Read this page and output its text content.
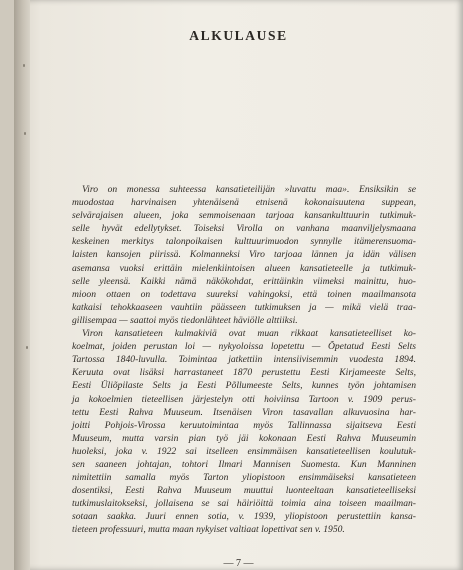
ALKULAUSE
Viro on monessa suhteessa kansatieteilijän »luvattu maa». Ensiksikin se
muodostaa harvinaisen yhtenäisenä etnisenä kokonaisuutena suppean,
selvärajaisen alueen, joka semmoisenaan tarjoaa kansankulttuurin tutkimuk-
selle hyvät edellytykset. Toiseksi Virolla on vanhana maanviljelysmaana
keskeinen merkitys talonpoikaisen kulttuurimuodon synnylle itämerensuoma-
laisten kansojen piirissä. Kolmanneksi Viro tarjoaa lännen ja idän välisen
asemansa vuoksi erittäin mielenkiintoisen alueen kansatieteelle ja tutkimuk-
selle yleensä. Kaikki nämä näkökohdat, erittäinkin viimeksi mainittu, huo-
mioon ottaen on todettava suureksi vahingoksi, että toinen maailmansota
katkaisi tehokkaaseen vauhtiin päässeen tutkimuksen ja — mikä vielä traa-
gillisempaa — saattoi myös tiedonlähteet häviölle alttiiksi.
Viron kansatieteen kulmakiviä ovat muan rikkaat kansatieteelliset ko-
koelmat, joiden perustan loi — nykyoloissa lopetettu — Õpetatud Eesti Selts
Tartossa 1840-luvulla. Toimintaa jatkettiin intensiivisemmin vuodesta 1894.
Keruuta ovat lisäksi harrastaneet 1870 perustettu Eesti Kirjameeste Selts,
Eesti Üliõpilaste Selts ja Eesti Põllumeeste Selts, kunnes työn johtamisen
ja kokoelmien tieteellisen järjestelyn otti hoiviinsa Tartoon v. 1909 perus-
tettu Eesti Rahva Muuseum. Itsenäisen Viron tasavallan alkuvuosina har-
joitti Pohjois-Virossa keruutoimintaa myös Tallinnassa sijaitseva Eesti
Muuseum, mutta varsin pian työ jäi kokonaan Eesti Rahva Muuseumin
huoleksi, joka v. 1922 sai itselleen ensimmäisen kansatieteellisen koulutuk-
sen saaneen johtajan, tohtori Ilmari Mannisen Suomesta. Kun Manninen
nimitettiin samalla myös Tarton yliopistoon ensimmäiseksi kansatieteen
dosentiksi, Eesti Rahva Muuseum muuttui luonteeltaan kansatieteelliseksi
tutkimuslaitokseksi, jollaisena se sai häiriöittä toimia aina toiseen maailman-
sotaan saakka. Juuri ennen sotia, v. 1939, yliopistoon perustettiin kansa-
tieteen professuuri, mutta maan nykyiset valtiaat lopettivat sen v. 1950.
— 7 —
